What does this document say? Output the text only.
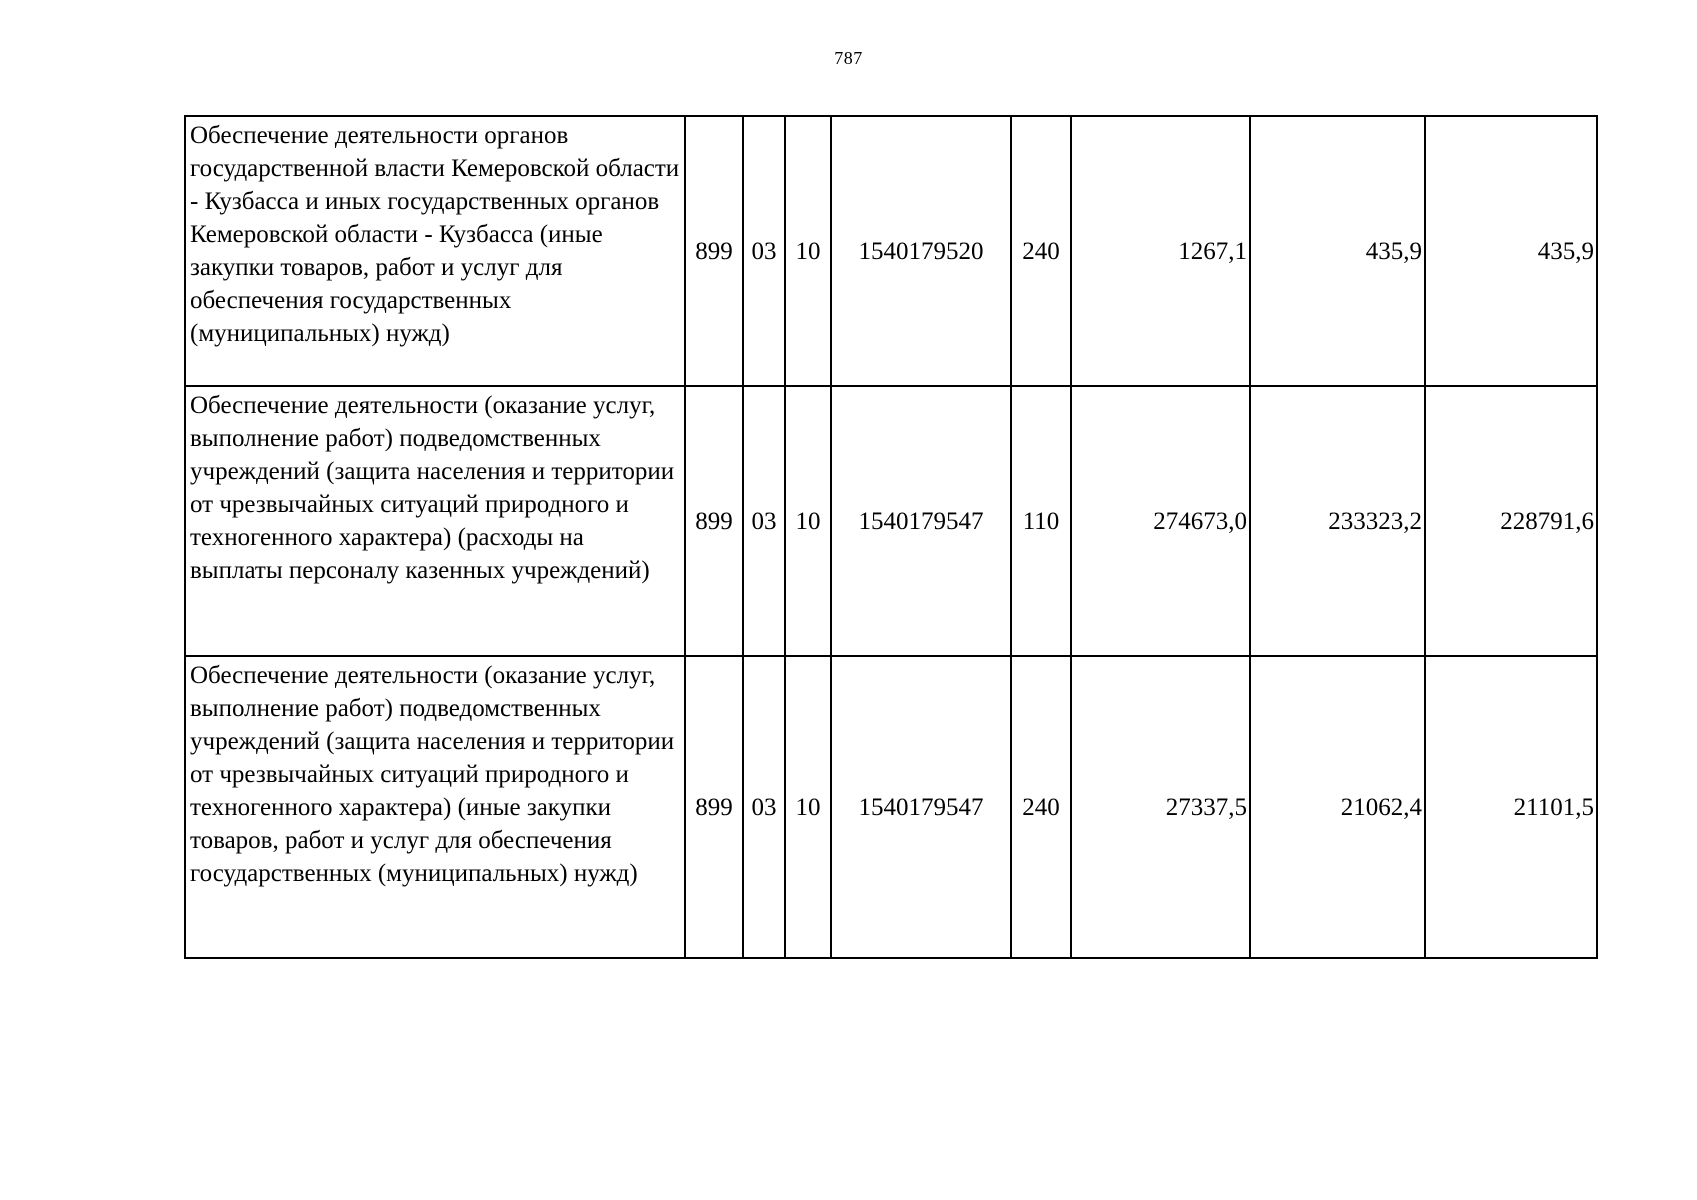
787
Обеспечение деятельности органов государственной власти Кемеровской области - Кузбасса и иных государственных органов Кемеровской области - Кузбасса (иные закупки товаров, работ и услуг для обеспечения государственных (муниципальных) нужд)	899	03	10	1540179520	240	1267,1	435,9	435,9
Обеспечение деятельности (оказание услуг, выполнение работ) подведомственных учреждений (защита населения и территории от чрезвычайных ситуаций природного и техногенного характера) (расходы на выплаты персоналу казенных учреждений)	899	03	10	1540179547	110	274673,0	233323,2	228791,6
Обеспечение деятельности (оказание услуг, выполнение работ) подведомственных учреждений (защита населения и территории от чрезвычайных ситуаций природного и техногенного характера) (иные закупки товаров, работ и услуг для обеспечения государственных (муниципальных) нужд)	899	03	10	1540179547	240	27337,5	21062,4	21101,5
